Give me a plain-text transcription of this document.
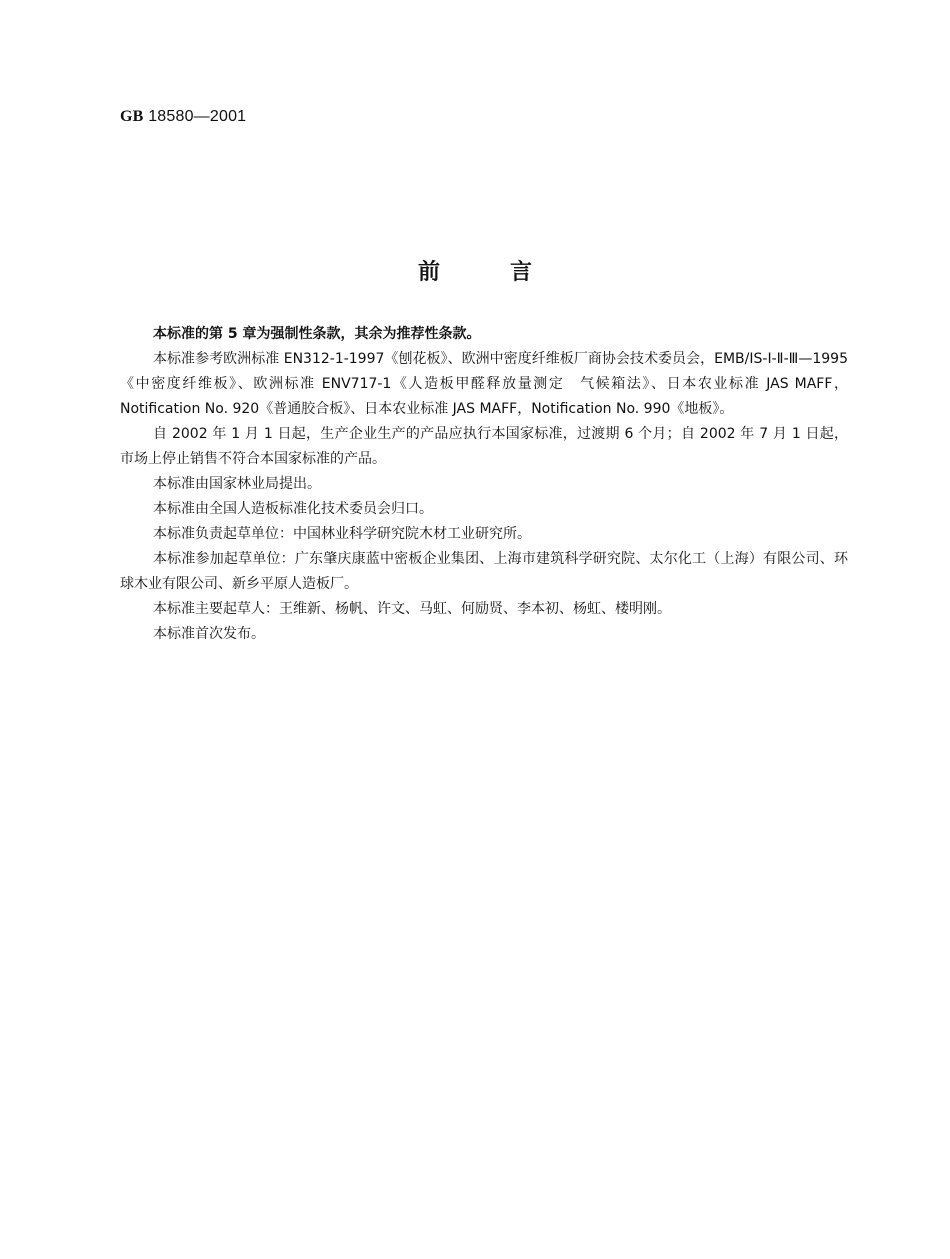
GB 18580—2001
前言

本标准的第 5 章为强制性条款，其余为推荐性条款。

本标准参考欧洲标准 EN312-1-1997《刨花板》、欧洲中密度纤维板厂商协会技术委员会，EMB/IS-Ⅰ-Ⅱ-Ⅲ—1995《中密度纤维板》、欧洲标准 ENV717-1《人造板甲醛释放量测定　气候箱法》、日本农业标准 JAS MAFF，Notification No. 920《普通胶合板》、日本农业标准 JAS MAFF，Notification No. 990《地板》。

自 2002 年 1 月 1 日起，生产企业生产的产品应执行本国家标准，过渡期 6 个月；自 2002 年 7 月 1 日起，市场上停止销售不符合本国家标准的产品。

本标准由国家林业局提出。

本标准由全国人造板标准化技术委员会归口。

本标准负责起草单位：中国林业科学研究院木材工业研究所。

本标准参加起草单位：广东肇庆康蓝中密板企业集团、上海市建筑科学研究院、太尔化工（上海）有限公司、环球木业有限公司、新乡平原人造板厂。

本标准主要起草人：王维新、杨帆、许文、马虹、何励贤、李本初、杨虹、楼明刚。

本标准首次发布。
